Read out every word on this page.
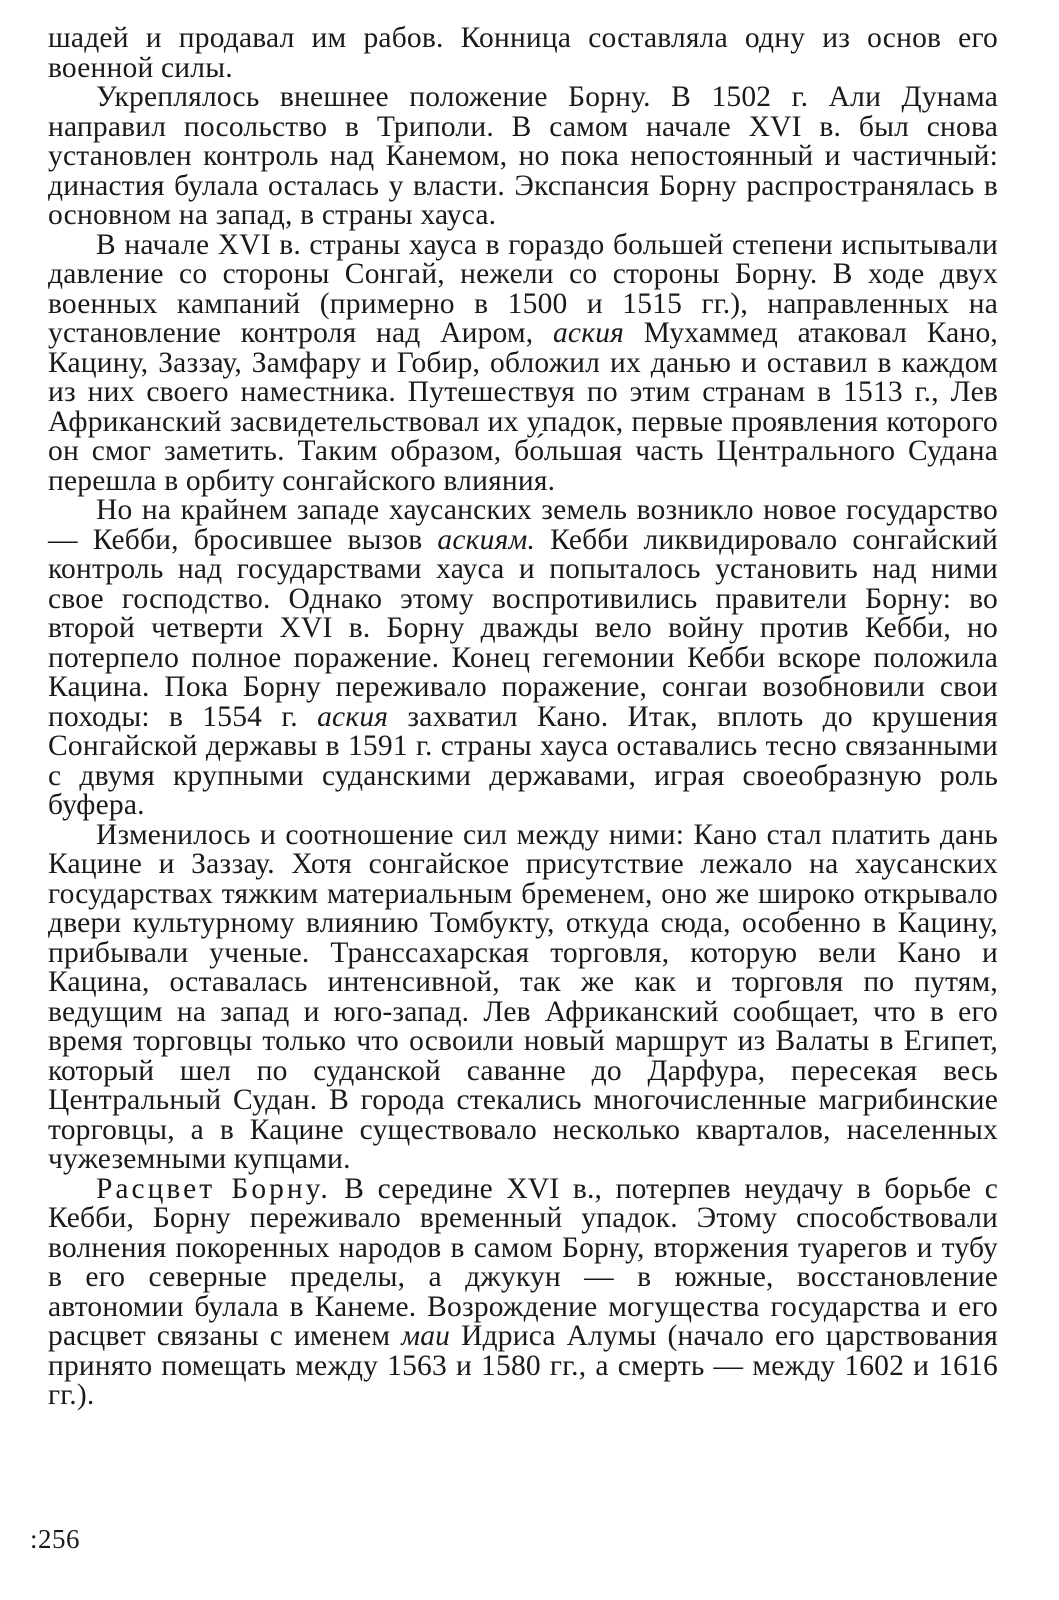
шадей и продавал им рабов. Конница составляла одну из основ его военной силы.

Укреплялось внешнее положение Борну. В 1502 г. Али Дунама направил посольство в Триполи. В самом начале XVI в. был снова установлен контроль над Канемом, но пока непостоянный и частичный: династия булала осталась у власти. Экспансия Борну распространялась в основном на запад, в страны хауса.

В начале XVI в. страны хауса в гораздо большей степени испытывали давление со стороны Сонгай, нежели со стороны Борну. В ходе двух военных кампаний (примерно в 1500 и 1515 гг.), направленных на установление контроля над Аиром, аския Мухаммед атаковал Кано, Кацину, Заззау, Замфару и Гобир, обложил их данью и оставил в каждом из них своего наместника. Путешествуя по этим странам в 1513 г., Лев Африканский засвидетельствовал их упадок, первые проявления которого он смог заметить. Таким образом, бо́льшая часть Центрального Судана перешла в орбиту сонгайского влияния.

Но на крайнем западе хаусанских земель возникло новое государство — Кебби, бросившее вызов аскиям. Кебби ликвидировало сонгайский контроль над государствами хауса и попыталось установить над ними свое господство. Однако этому воспротивились правители Борну: во второй четверти XVI в. Борну дважды вело войну против Кебби, но потерпело полное поражение. Конец гегемонии Кебби вскоре положила Кацина. Пока Борну переживало поражение, сонгаи возобновили свои походы: в 1554 г. аския захватил Кано. Итак, вплоть до крушения Сонгайской державы в 1591 г. страны хауса оставались тесно связанными с двумя крупными суданскими державами, играя своеобразную роль буфера.

Изменилось и соотношение сил между ними: Кано стал платить дань Кацине и Заззау. Хотя сонгайское присутствие лежало на хаусанских государствах тяжким материальным бременем, оно же широко открывало двери культурному влиянию Томбукту, откуда сюда, особенно в Кацину, прибывали ученые. Транссахарская торговля, которую вели Кано и Кацина, оставалась интенсивной, так же как и торговля по путям, ведущим на запад и юго-запад. Лев Африканский сообщает, что в его время торговцы только что освоили новый маршрут из Валаты в Египет, который шел по суданской саванне до Дарфура, пересекая весь Центральный Судан. В города стекались многочисленные магрибинские торговцы, а в Кацине существовало несколько кварталов, населенных чужеземными купцами.

Расцвет Борну. В середине XVI в., потерпев неудачу в борьбе с Кебби, Борну переживало временный упадок. Этому способствовали волнения покоренных народов в самом Борну, вторжения туарегов и тубу в его северные пределы, а джукун — в южные, восстановление автономии булала в Канеме. Возрождение могущества государства и его расцвет связаны с именем маи Идриса Алумы (начало его царствования принято помещать между 1563 и 1580 гг., а смерть — между 1602 и 1616 гг.).

:256
